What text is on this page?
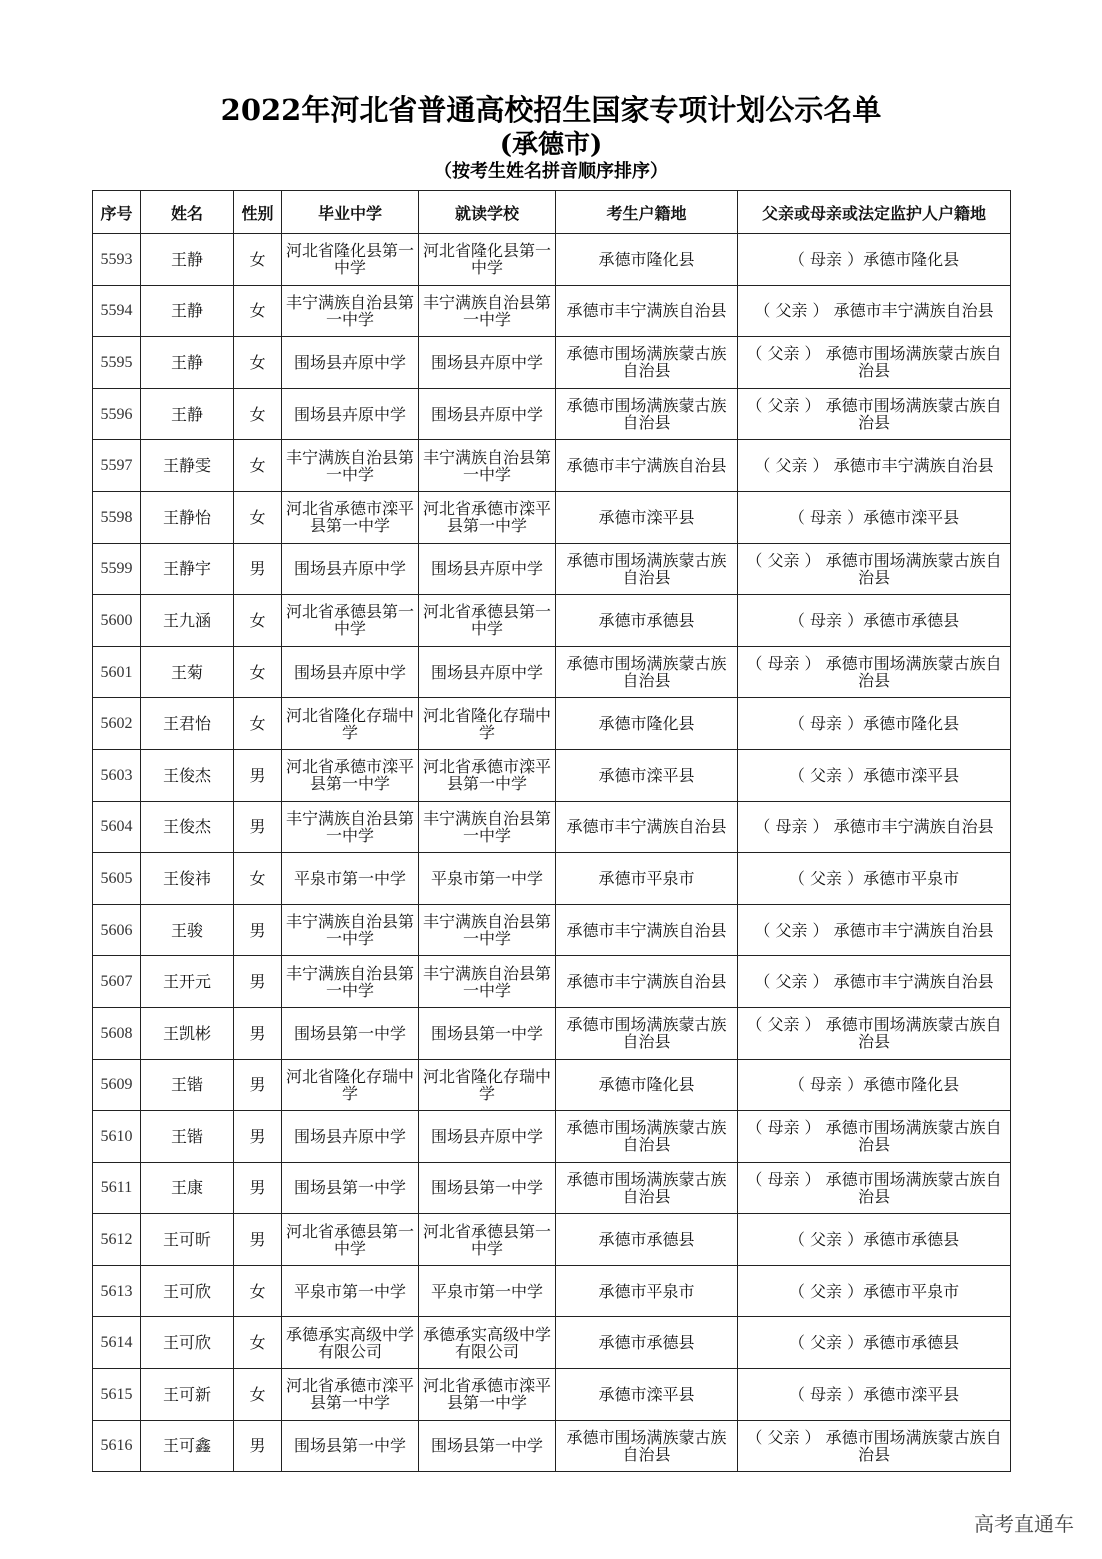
2022年河北省普通高校招生国家专项计划公示名单
(承德市)
（按考生姓名拼音顺序排序）
序号	姓名	性别	毕业中学	就读学校	考生户籍地	父亲或母亲或法定监护人户籍地
5593	王静	女	河北省隆化县第一中学	河北省隆化县第一中学	承德市隆化县	（ 母亲 ）承德市隆化县
5594	王静	女	丰宁满族自治县第一中学	丰宁满族自治县第一中学	承德市丰宁满族自治县	（ 父亲 ） 承德市丰宁满族自治县
5595	王静	女	围场县卉原中学	围场县卉原中学	承德市围场满族蒙古族自治县	（ 父亲 ） 承德市围场满族蒙古族自治县
5596	王静	女	围场县卉原中学	围场县卉原中学	承德市围场满族蒙古族自治县	（ 父亲 ） 承德市围场满族蒙古族自治县
5597	王静雯	女	丰宁满族自治县第一中学	丰宁满族自治县第一中学	承德市丰宁满族自治县	（ 父亲 ） 承德市丰宁满族自治县
5598	王静怡	女	河北省承德市滦平县第一中学	河北省承德市滦平县第一中学	承德市滦平县	（ 母亲 ）承德市滦平县
5599	王静宇	男	围场县卉原中学	围场县卉原中学	承德市围场满族蒙古族自治县	（ 父亲 ） 承德市围场满族蒙古族自治县
5600	王九涵	女	河北省承德县第一中学	河北省承德县第一中学	承德市承德县	（ 母亲 ）承德市承德县
5601	王菊	女	围场县卉原中学	围场县卉原中学	承德市围场满族蒙古族自治县	（ 母亲 ） 承德市围场满族蒙古族自治县
5602	王君怡	女	河北省隆化存瑞中学	河北省隆化存瑞中学	承德市隆化县	（ 母亲 ）承德市隆化县
5603	王俊杰	男	河北省承德市滦平县第一中学	河北省承德市滦平县第一中学	承德市滦平县	（ 父亲 ）承德市滦平县
5604	王俊杰	男	丰宁满族自治县第一中学	丰宁满族自治县第一中学	承德市丰宁满族自治县	（ 母亲 ） 承德市丰宁满族自治县
5605	王俊祎	女	平泉市第一中学	平泉市第一中学	承德市平泉市	（ 父亲 ）承德市平泉市
5606	王骏	男	丰宁满族自治县第一中学	丰宁满族自治县第一中学	承德市丰宁满族自治县	（ 父亲 ） 承德市丰宁满族自治县
5607	王开元	男	丰宁满族自治县第一中学	丰宁满族自治县第一中学	承德市丰宁满族自治县	（ 父亲 ） 承德市丰宁满族自治县
5608	王凯彬	男	围场县第一中学	围场县第一中学	承德市围场满族蒙古族自治县	（ 父亲 ） 承德市围场满族蒙古族自治县
5609	王锴	男	河北省隆化存瑞中学	河北省隆化存瑞中学	承德市隆化县	（ 母亲 ）承德市隆化县
5610	王锴	男	围场县卉原中学	围场县卉原中学	承德市围场满族蒙古族自治县	（ 母亲 ） 承德市围场满族蒙古族自治县
5611	王康	男	围场县第一中学	围场县第一中学	承德市围场满族蒙古族自治县	（ 母亲 ） 承德市围场满族蒙古族自治县
5612	王可昕	男	河北省承德县第一中学	河北省承德县第一中学	承德市承德县	（ 父亲 ）承德市承德县
5613	王可欣	女	平泉市第一中学	平泉市第一中学	承德市平泉市	（ 父亲 ）承德市平泉市
5614	王可欣	女	承德承实高级中学有限公司	承德承实高级中学有限公司	承德市承德县	（ 父亲 ）承德市承德县
5615	王可新	女	河北省承德市滦平县第一中学	河北省承德市滦平县第一中学	承德市滦平县	（ 母亲 ）承德市滦平县
5616	王可鑫	男	围场县第一中学	围场县第一中学	承德市围场满族蒙古族自治县	（ 父亲 ） 承德市围场满族蒙古族自治县
高考直通车
